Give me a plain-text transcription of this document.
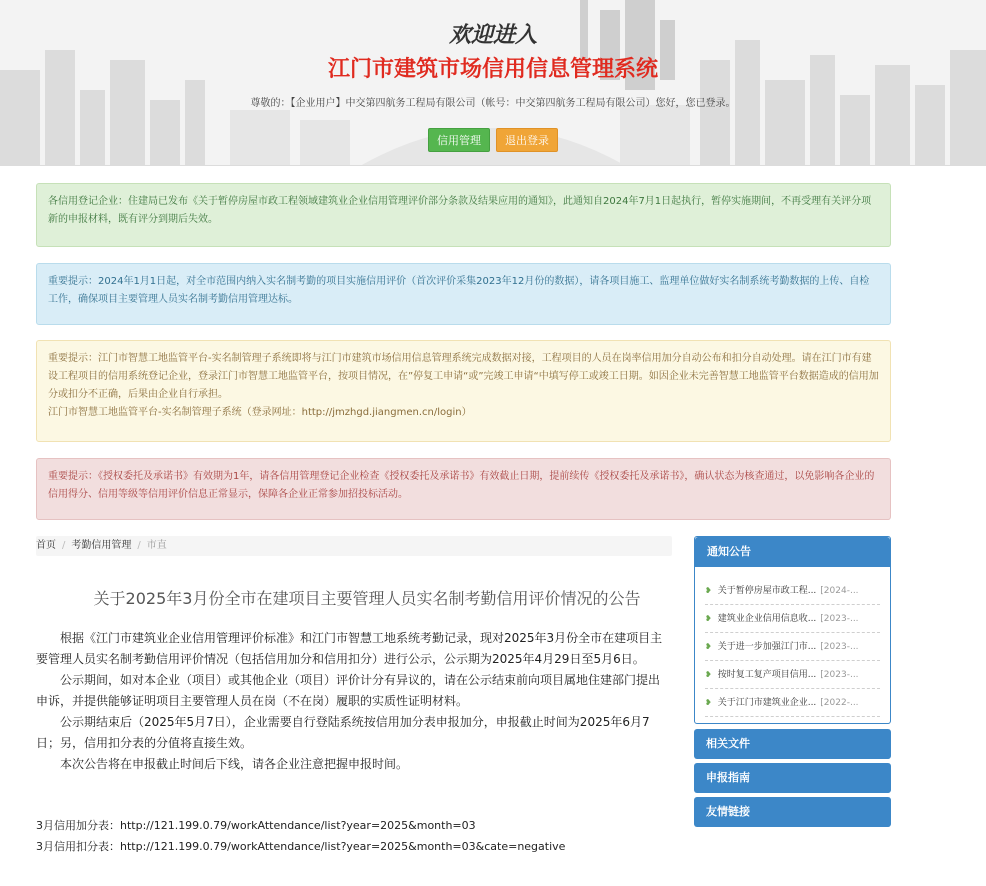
欢迎进入
江门市建筑市场信用信息管理系统
尊敬的：【企业用户】中交第四航务工程局有限公司（帐号：中交第四航务工程局有限公司）您好，您已登录。
信用管理 退出登录
各信用登记企业：住建局已发布《关于暂停房屋市政工程领域建筑业企业信用管理评价部分条款及结果应用的通知》，此通知自2024年7月1日起执行，暂停实施期间，不再受理有关评分项新的申报材料，既有评分到期后失效。
重要提示：2024年1月1日起，对全市范围内纳入实名制考勤的项目实施信用评价（首次评价采集2023年12月份的数据），请各项目施工、监理单位做好实名制系统考勤数据的上传、自检工作，确保项目主要管理人员实名制考勤信用管理达标。
重要提示：江门市智慧工地监管平台-实名制管理子系统即将与江门市建筑市场信用信息管理系统完成数据对接，工程项目的人员在岗率信用加分自动公布和扣分自动处理。请在江门市有建设工程项目的信用系统登记企业，登录江门市智慧工地监管平台，按项目情况，在”停复工申请“或”完竣工申请“中填写停工或竣工日期。如因企业未完善智慧工地监管平台数据造成的信用加分或扣分不正确，后果由企业自行承担。
江门市智慧工地监管平台-实名制管理子系统（登录网址：http://jmzhgd.jiangmen.cn/login）
重要提示：《授权委托及承诺书》有效期为1年，请各信用管理登记企业检查《授权委托及承诺书》有效截止日期，提前续传《授权委托及承诺书》，确认状态为核查通过，以免影响各企业的信用得分、信用等级等信用评价信息正常显示，保障各企业正常参加招投标活动。
首页 / 考勤信用管理 / 市直
关于2025年3月份全市在建项目主要管理人员实名制考勤信用评价情况的公告

根据《江门市建筑业企业信用管理评价标准》和江门市智慧工地系统考勤记录，现对2025年3月份全市在建项目主要管理人员实名制考勤信用评价情况（包括信用加分和信用扣分）进行公示，公示期为2025年4月29日至5月6日。

公示期间，如对本企业（项目）或其他企业（项目）评价计分有异议的，请在公示结束前向项目属地住建部门提出申诉，并提供能够证明项目主要管理人员在岗（不在岗）履职的实质性证明材料。

公示期结束后（2025年5月7日），企业需要自行登陆系统按信用加分表申报加分，申报截止时间为2025年6月7日；另，信用扣分表的分值将直接生效。

本次公告将在申报截止时间后下线，请各企业注意把握申报时间。

3月信用加分表：http://121.199.0.79/workAttendance/list?year=2025&month=03
3月信用扣分表：http://121.199.0.79/workAttendance/list?year=2025&month=03&cate=negative
通知公告
❥ 关于暂停房屋市政工程... [2024-...
❥ 建筑业企业信用信息收... [2023-...
❥ 关于进一步加强江门市... [2023-...
❥ 按时复工复产项目信用... [2023-...
❥ 关于江门市建筑业企业... [2022-...
相关文件
申报指南
友情链接
